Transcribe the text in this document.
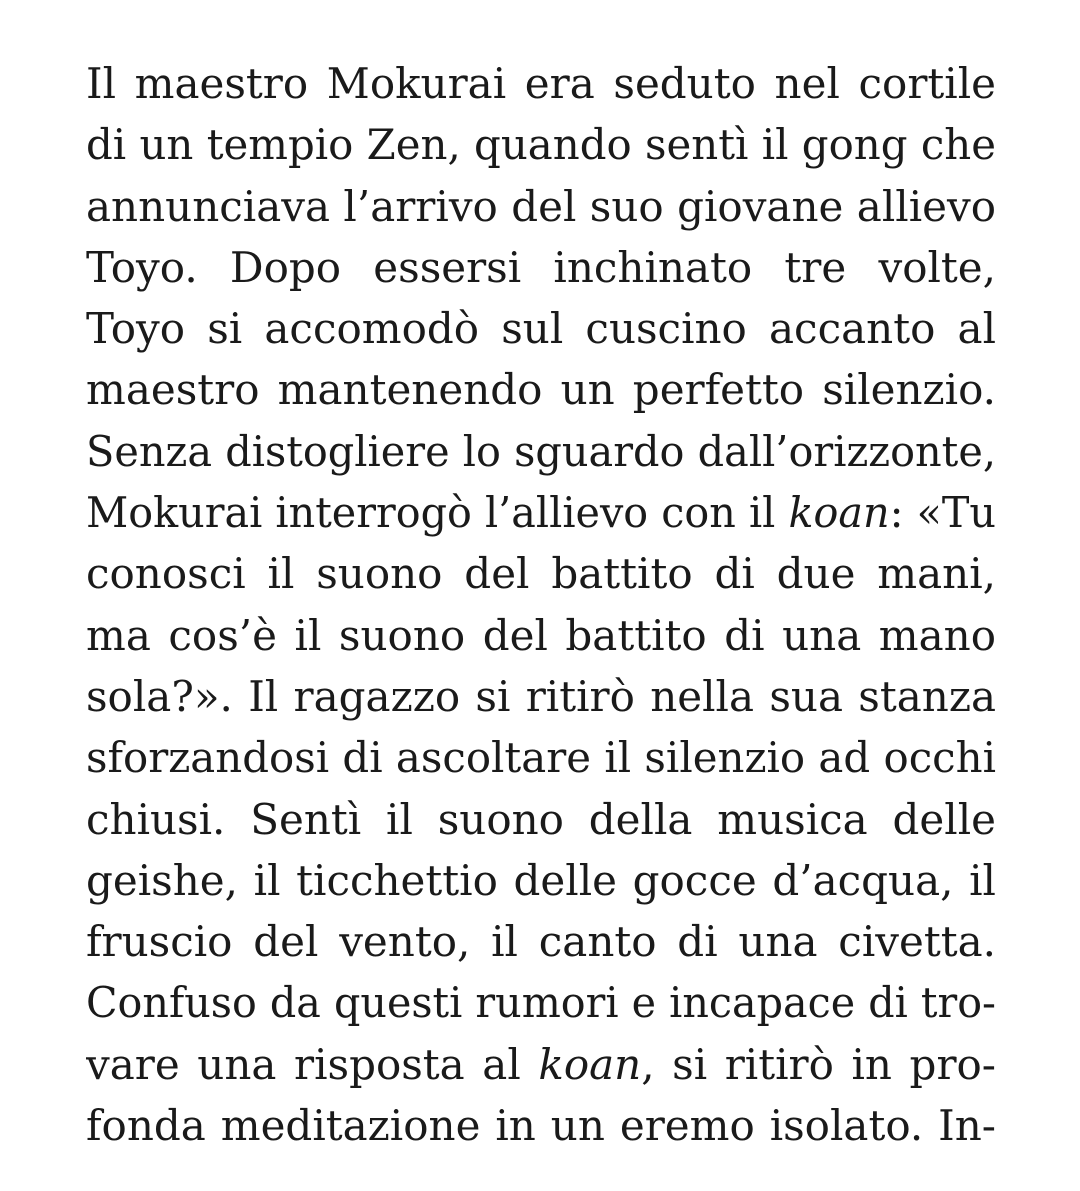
Il maestro Mokurai era seduto nel cortile
di un tempio Zen, quando sentì il gong che
annunciava l’arrivo del suo giovane allievo
Toyo. Dopo essersi inchinato tre volte,
Toyo si accomodò sul cuscino accanto al
maestro mantenendo un perfetto silenzio.
Senza distogliere lo sguardo dall’orizzonte,
Mokurai interrogò l’allievo con il koan: «Tu
conosci il suono del battito di due mani,
ma cos’è il suono del battito di una mano
sola?». Il ragazzo si ritirò nella sua stanza
sforzandosi di ascoltare il silenzio ad occhi
chiusi. Sentì il suono della musica delle
geishe, il ticchettio delle gocce d’acqua, il
fruscio del vento, il canto di una civetta.
Confuso da questi rumori e incapace di tro-
vare una risposta al koan, si ritirò in pro-
fonda meditazione in un eremo isolato. In-
